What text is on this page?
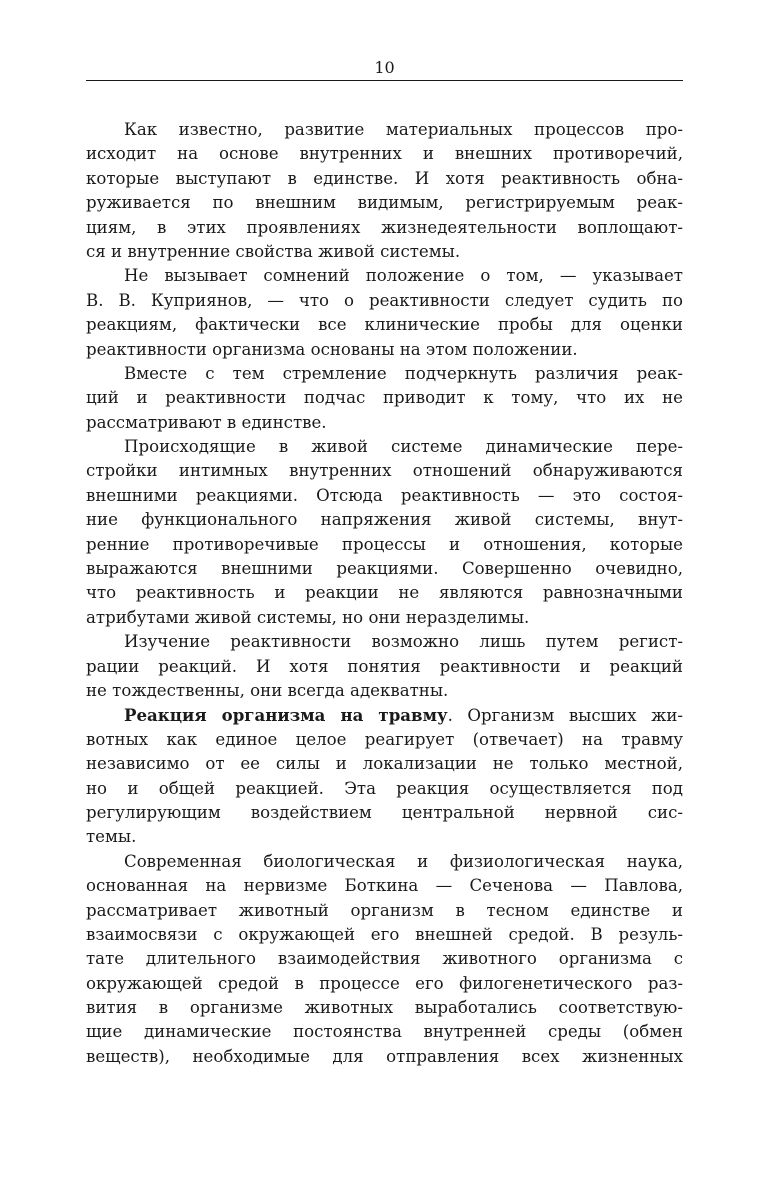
10
Как известно, развитие материальных процессов про-
исходит на основе внутренних и внешних противоречий,
которые выступают в единстве. И хотя реактивность обна-
руживается по внешним видимым, регистрируемым реак-
циям, в этих проявлениях жизнедеятельности воплощают-
ся и внутренние свойства живой системы.
Не вызывает сомнений положение о том, — указывает
В. В. Куприянов, — что о реактивности следует судить по
реакциям, фактически все клинические пробы для оценки
реактивности организма основаны на этом положении.
Вместе с тем стремление подчеркнуть различия реак-
ций и реактивности подчас приводит к тому, что их не
рассматривают в единстве.
Происходящие в живой системе динамические пере-
стройки интимных внутренних отношений обнаруживаются
внешними реакциями. Отсюда реактивность — это состоя-
ние функционального напряжения живой системы, внут-
ренние противоречивые процессы и отношения, которые
выражаются внешними реакциями. Совершенно очевидно,
что реактивность и реакции не являются равнозначными
атрибутами живой системы, но они неразделимы.
Изучение реактивности возможно лишь путем регист-
рации реакций. И хотя понятия реактивности и реакций
не тождественны, они всегда адекватны.
Реакция организма на травму. Организм высших жи-
вотных как единое целое реагирует (отвечает) на травму
независимо от ее силы и локализации не только местной,
но и общей реакцией. Эта реакция осуществляется под
регулирующим воздействием центральной нервной сис-
темы.
Современная биологическая и физиологическая наука,
основанная на нервизме Боткина — Сеченова — Павлова,
рассматривает животный организм в тесном единстве и
взаимосвязи с окружающей его внешней средой. В резуль-
тате длительного взаимодействия животного организма с
окружающей средой в процессе его филогенетического раз-
вития в организме животных выработались соответствую-
щие динамические постоянства внутренней среды (обмен
веществ), необходимые для отправления всех жизненных
